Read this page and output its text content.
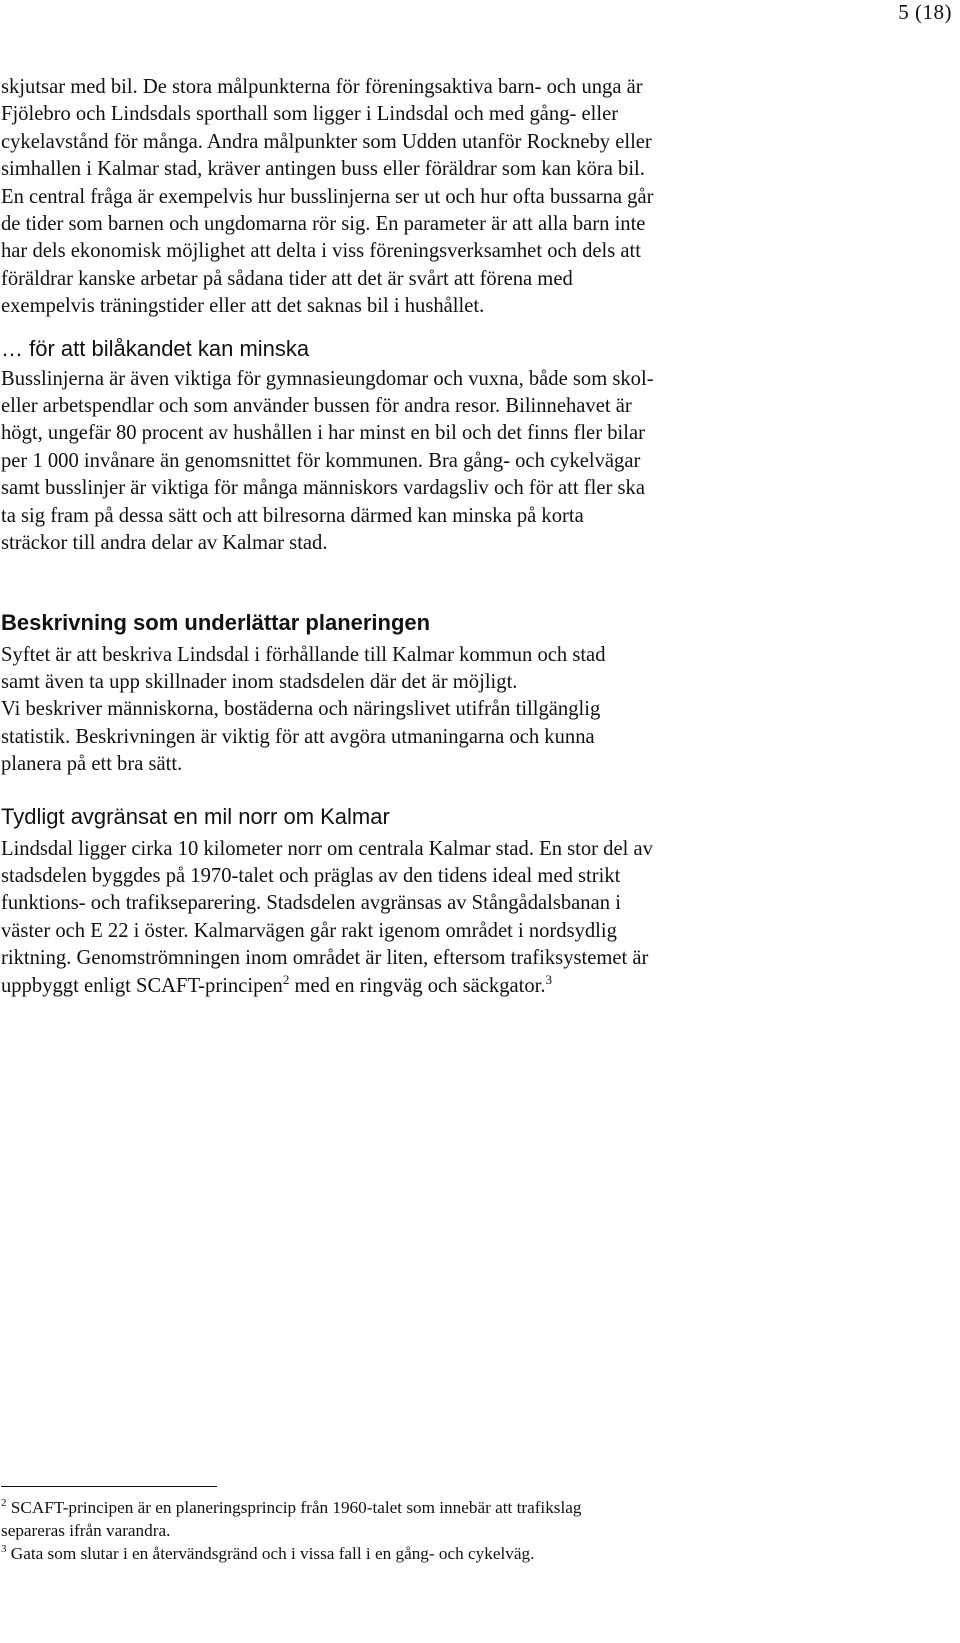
5 (18)

skjutsar med bil. De stora målpunkterna för föreningsaktiva barn- och unga är
Fjölebro och Lindsdals sporthall som ligger i Lindsdal och med gång- eller
cykelavstånd för många. Andra målpunkter som Udden utanför Rockneby eller
simhallen i Kalmar stad, kräver antingen buss eller föräldrar som kan köra bil.
En central fråga är exempelvis hur busslinjerna ser ut och hur ofta bussarna går
de tider som barnen och ungdomarna rör sig. En parameter är att alla barn inte
har dels ekonomisk möjlighet att delta i viss föreningsverksamhet och dels att
föräldrar kanske arbetar på sådana tider att det är svårt att förena med
exempelvis träningstider eller att det saknas bil i hushållet.

… för att bilåkandet kan minska

Busslinjerna är även viktiga för gymnasieungdomar och vuxna, både som skol-
eller arbetspendlar och som använder bussen för andra resor. Bilinnehavet är
högt, ungefär 80 procent av hushållen i har minst en bil och det finns fler bilar
per 1 000 invånare än genomsnittet för kommunen. Bra gång- och cykelvägar
samt busslinjer är viktiga för många människors vardagsliv och för att fler ska
ta sig fram på dessa sätt och att bilresorna därmed kan minska på korta
sträckor till andra delar av Kalmar stad.

Beskrivning som underlättar planeringen

Syftet är att beskriva Lindsdal i förhållande till Kalmar kommun och stad
samt även ta upp skillnader inom stadsdelen där det är möjligt.
Vi beskriver människorna, bostäderna och näringslivet utifrån tillgänglig
statistik. Beskrivningen är viktig för att avgöra utmaningarna och kunna
planera på ett bra sätt.

Tydligt avgränsat en mil norr om Kalmar

Lindsdal ligger cirka 10 kilometer norr om centrala Kalmar stad. En stor del av
stadsdelen byggdes på 1970-talet och präglas av den tidens ideal med strikt
funktions- och trafikseparering. Stadsdelen avgränsas av Stångådalsbanan i
väster och E 22 i öster. Kalmarvägen går rakt igenom området i nordsydlig
riktning. Genomströmningen inom området är liten, eftersom trafiksystemet är
uppbyggt enligt SCAFT-principen$^2$ med en ringväg och säckgator.$^3$

$^2$ SCAFT-principen är en planeringsprincip från 1960-talet som innebär att trafikslag
separeras ifrån varandra.
$^3$ Gata som slutar i en återvändsgränd och i vissa fall i en gång- och cykelväg.
